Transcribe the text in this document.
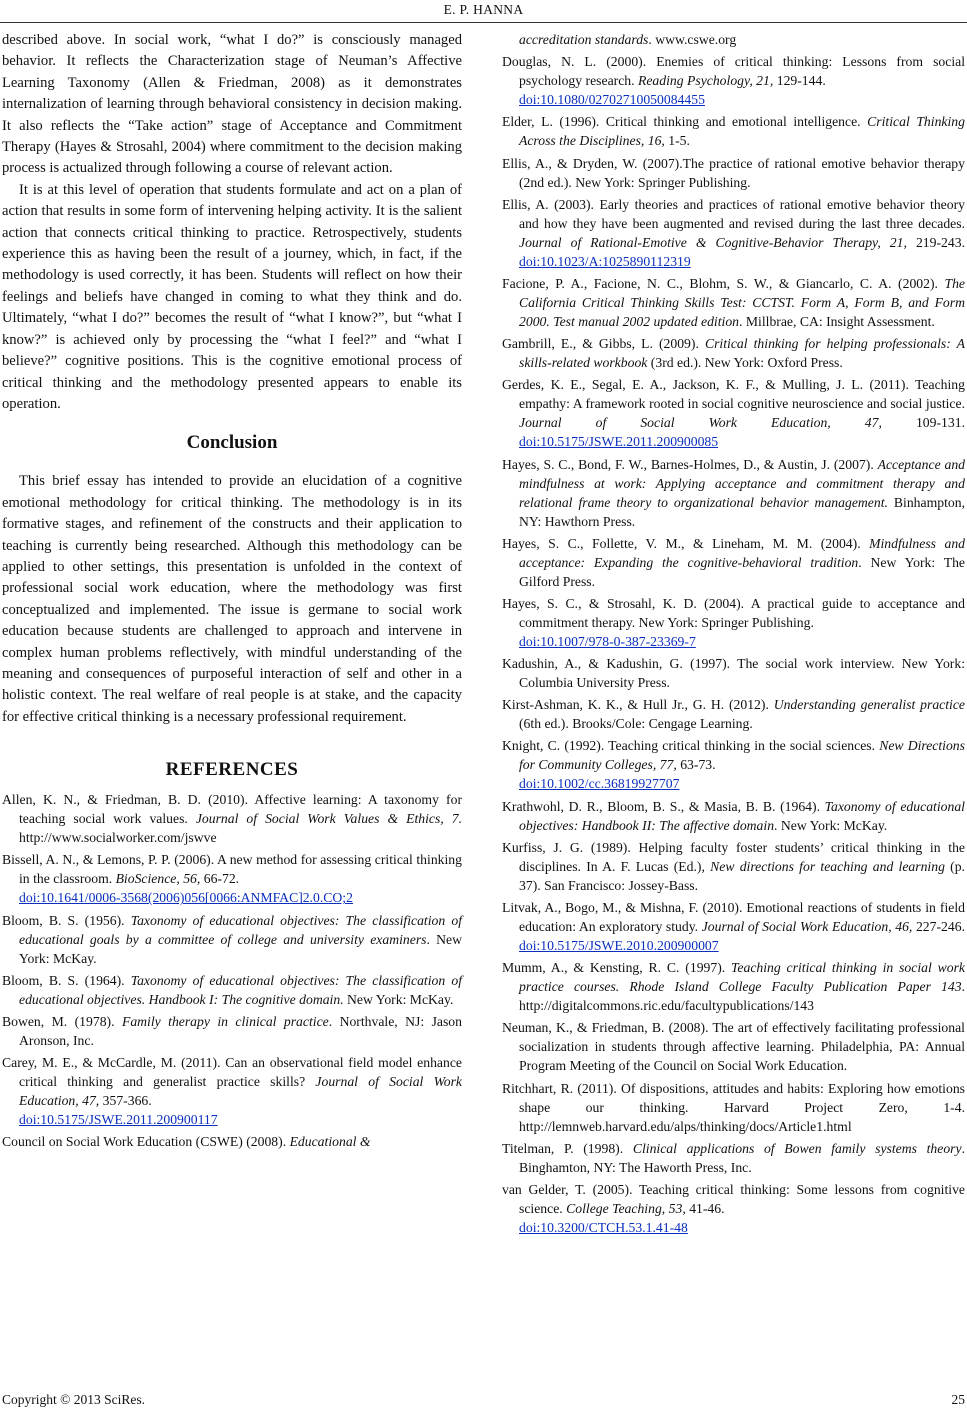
E. P. HANNA

described above. In social work, “what I do?” is consciously managed behavior. It reflects the Characterization stage of Neuman’s Affective Learning Taxonomy (Allen & Friedman, 2008) as it demonstrates internalization of learning through behavioral consistency in decision making. It also reflects the “Take action” stage of Acceptance and Commitment Therapy (Hayes & Strosahl, 2004) where commitment to the decision making process is actualized through following a course of relevant action.

It is at this level of operation that students formulate and act on a plan of action that results in some form of intervening helping activity. It is the salient action that connects critical thinking to practice. Retrospectively, students experience this as having been the result of a journey, which, in fact, if the methodology is used correctly, it has been. Students will reflect on how their feelings and beliefs have changed in coming to what they think and do. Ultimately, “what I do?” becomes the result of “what I know?”, but “what I know?” is achieved only by processing the “what I feel?” and “what I believe?” cognitive positions. This is the cognitive emotional process of critical thinking and the methodology presented appears to enable its operation.

Conclusion

This brief essay has intended to provide an elucidation of a cognitive emotional methodology for critical thinking. The methodology is in its formative stages, and refinement of the constructs and their application to teaching is currently being researched. Although this methodology can be applied to other settings, this presentation is unfolded in the context of professional social work education, where the methodology was first conceptualized and implemented. The issue is germane to social work education because students are challenged to approach and intervene in complex human problems reflectively, with mindful understanding of the meaning and consequences of purposeful interaction of self and other in a holistic context. The real welfare of real people is at stake, and the capacity for effective critical thinking is a necessary professional requirement.

REFERENCES

Allen, K. N., & Friedman, B. D. (2010). Affective learning: A taxonomy for teaching social work values. Journal of Social Work Values & Ethics, 7. http://www.socialworker.com/jswve

Bissell, A. N., & Lemons, P. P. (2006). A new method for assessing critical thinking in the classroom. BioScience, 56, 66-72.
doi:10.1641/0006-3568(2006)056[0066:ANMFAC]2.0.CO;2

Bloom, B. S. (1956). Taxonomy of educational objectives: The classification of educational goals by a committee of college and university examiners. New York: McKay.

Bloom, B. S. (1964). Taxonomy of educational objectives: The classification of educational objectives. Handbook I: The cognitive domain. New York: McKay.

Bowen, M. (1978). Family therapy in clinical practice. Northvale, NJ: Jason Aronson, Inc.

Carey, M. E., & McCardle, M. (2011). Can an observational field model enhance critical thinking and generalist practice skills? Journal of Social Work Education, 47, 357-366.
doi:10.5175/JSWE.2011.200900117

Council on Social Work Education (CSWE) (2008). Educational &

accreditation standards. www.cswe.org

Douglas, N. L. (2000). Enemies of critical thinking: Lessons from social psychology research. Reading Psychology, 21, 129-144.
doi:10.1080/02702710050084455

Elder, L. (1996). Critical thinking and emotional intelligence. Critical Thinking Across the Disciplines, 16, 1-5.

Ellis, A., & Dryden, W. (2007).The practice of rational emotive behavior therapy (2nd ed.). New York: Springer Publishing.

Ellis, A. (2003). Early theories and practices of rational emotive behavior theory and how they have been augmented and revised during the last three decades. Journal of Rational-Emotive & Cognitive-Behavior Therapy, 21, 219-243. doi:10.1023/A:1025890112319

Facione, P. A., Facione, N. C., Blohm, S. W., & Giancarlo, C. A. (2002). The California Critical Thinking Skills Test: CCTST. Form A, Form B, and Form 2000. Test manual 2002 updated edition. Millbrae, CA: Insight Assessment.

Gambrill, E., & Gibbs, L. (2009). Critical thinking for helping professionals: A skills-related workbook (3rd ed.). New York: Oxford Press.

Gerdes, K. E., Segal, E. A., Jackson, K. F., & Mulling, J. L. (2011). Teaching empathy: A framework rooted in social cognitive neuroscience and social justice. Journal of Social Work Education, 47, 109-131. doi:10.5175/JSWE.2011.200900085

Hayes, S. C., Bond, F. W., Barnes-Holmes, D., & Austin, J. (2007). Acceptance and mindfulness at work: Applying acceptance and commitment therapy and relational frame theory to organizational behavior management. Binhampton, NY: Hawthorn Press.

Hayes, S. C., Follette, V. M., & Lineham, M. M. (2004). Mindfulness and acceptance: Expanding the cognitive-behavioral tradition. New York: The Gilford Press.

Hayes, S. C., & Strosahl, K. D. (2004). A practical guide to acceptance and commitment therapy. New York: Springer Publishing.
doi:10.1007/978-0-387-23369-7

Kadushin, A., & Kadushin, G. (1997). The social work interview. New York: Columbia University Press.

Kirst-Ashman, K. K., & Hull Jr., G. H. (2012). Understanding generalist practice (6th ed.). Brooks/Cole: Cengage Learning.

Knight, C. (1992). Teaching critical thinking in the social sciences. New Directions for Community Colleges, 77, 63-73.
doi:10.1002/cc.36819927707

Krathwohl, D. R., Bloom, B. S., & Masia, B. B. (1964). Taxonomy of educational objectives: Handbook II: The affective domain. New York: McKay.

Kurfiss, J. G. (1989). Helping faculty foster students’ critical thinking in the disciplines. In A. F. Lucas (Ed.), New directions for teaching and learning (p. 37). San Francisco: Jossey-Bass.

Litvak, A., Bogo, M., & Mishna, F. (2010). Emotional reactions of students in field education: An exploratory study. Journal of Social Work Education, 46, 227-246. doi:10.5175/JSWE.2010.200900007

Mumm, A., & Kensting, R. C. (1997). Teaching critical thinking in social work practice courses. Rhode Island College Faculty Publication Paper 143. http://digitalcommons.ric.edu/facultypublications/143

Neuman, K., & Friedman, B. (2008). The art of effectively facilitating professional socialization in students through affective learning. Philadelphia, PA: Annual Program Meeting of the Council on Social Work Education.

Ritchhart, R. (2011). Of dispositions, attitudes and habits: Exploring how emotions shape our thinking. Harvard Project Zero, 1-4. http://lemnweb.harvard.edu/alps/thinking/docs/Article1.html

Titelman, P. (1998). Clinical applications of Bowen family systems theory. Binghamton, NY: The Haworth Press, Inc.

van Gelder, T. (2005). Teaching critical thinking: Some lessons from cognitive science. College Teaching, 53, 41-46.
doi:10.3200/CTCH.53.1.41-48

Copyright © 2013 SciRes.	25
